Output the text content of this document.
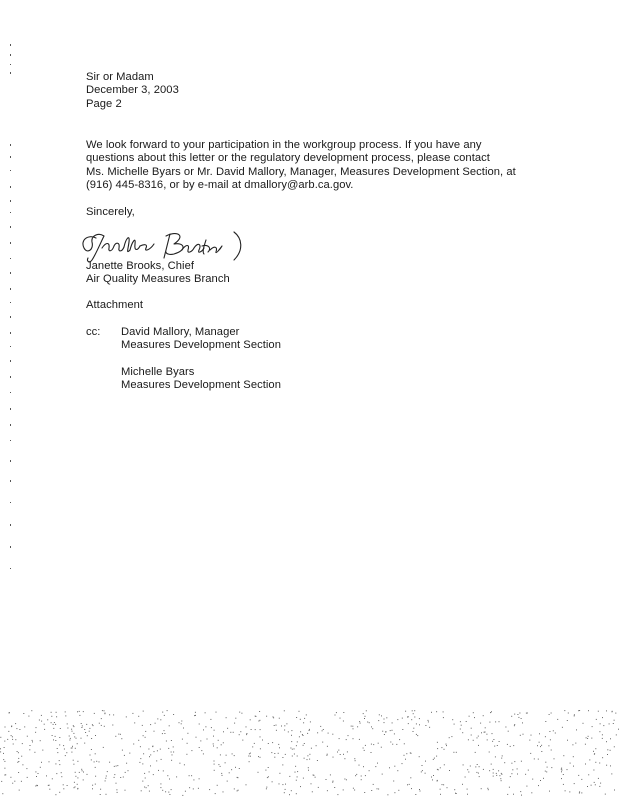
Sir or Madam
December 3, 2003
Page 2
We look forward to your participation in the workgroup process. If you have any
questions about this letter or the regulatory development process, please contact
Ms. Michelle Byars or Mr. David Mallory, Manager, Measures Development Section, at
(916) 445-8316, or by e-mail at dmallory@arb.ca.gov.
Sincerely,
Janette Brooks, Chief
Air Quality Measures Branch
Attachment
cc: David Mallory, Manager
Measures Development Section
Michelle Byars
Measures Development Section
